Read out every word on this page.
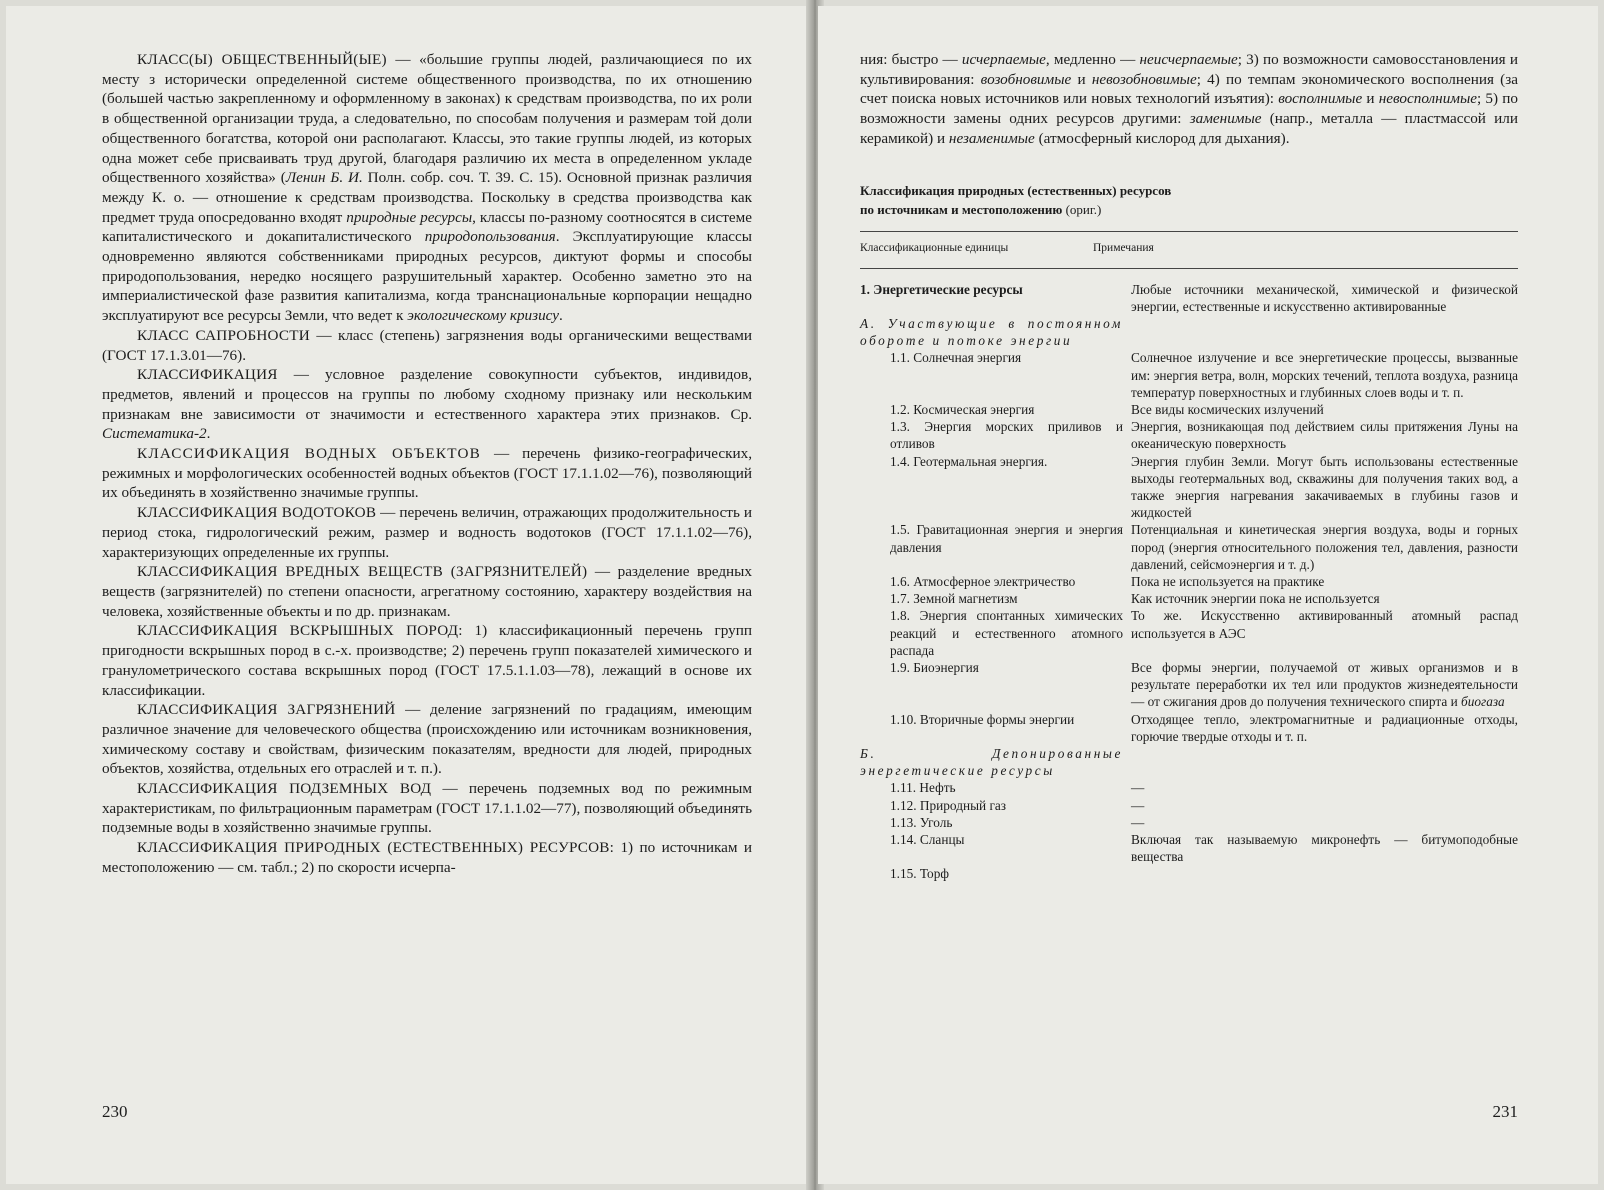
КЛАСС(Ы) ОБЩЕСТВЕННЫЙ(ЫЕ) — «большие группы людей, различающиеся по их месту з исторически определенной системе общественного производства, по их отношению (большей частью закрепленному и оформленному в законах) к средствам производства, по их роли в общественной организации труда, а следовательно, по способам получения и размерам той доли общественного богатства, которой они располагают. Классы, это такие группы людей, из которых одна может себе присваивать труд другой, благодаря различию их места в определенном укладе общественного хозяйства» (Ленин Б. И. Полн. собр. соч. Т. 39. С. 15). Основной признак различия между К. о. — отношение к средствам производства. Поскольку в средства производства как предмет труда опосредованно входят природные ресурсы, классы по-разному соотносятся в системе капиталистического и докапиталистического природопользования. Эксплуатирующие классы одновременно являются собственниками природных ресурсов, диктуют формы и способы природопользования, нередко носящего разрушительный характер. Особенно заметно это на империалистической фазе развития капитализма, когда транснациональные корпорации нещадно эксплуатируют все ресурсы Земли, что ведет к экологическому кризису.

КЛАСС САПРОБНОСТИ — класс (степень) загрязнения воды органическими веществами (ГОСТ 17.1.3.01—76).

КЛАССИФИКАЦИЯ — условное разделение совокупности субъектов, индивидов, предметов, явлений и процессов на группы по любому сходному признаку или нескольким признакам вне зависимости от значимости и естественного характера этих признаков. Ср. Систематика-2.

КЛАССИФИКАЦИЯ ВОДНЫХ ОБЪЕКТОВ — перечень физико-географических, режимных и морфологических особенностей водных объектов (ГОСТ 17.1.1.02—76), позволяющий их объединять в хозяйственно значимые группы.

КЛАССИФИКАЦИЯ ВОДОТОКОВ — перечень величин, отражающих продолжительность и период стока, гидрологический режим, размер и водность водотоков (ГОСТ 17.1.1.02—76), характеризующих определенные их группы.

КЛАССИФИКАЦИЯ ВРЕДНЫХ ВЕЩЕСТВ (ЗАГРЯЗНИТЕЛЕЙ) — разделение вредных веществ (загрязнителей) по степени опасности, агрегатному состоянию, характеру воздействия на человека, хозяйственные объекты и по др. признакам.

КЛАССИФИКАЦИЯ ВСКРЫШНЫХ ПОРОД: 1) классификационный перечень групп пригодности вскрышных пород в с.-х. производстве; 2) перечень групп показателей химического и гранулометрического состава вскрышных пород (ГОСТ 17.5.1.1.03—78), лежащий в основе их классификации.

КЛАССИФИКАЦИЯ ЗАГРЯЗНЕНИЙ — деление загрязнений по градациям, имеющим различное значение для человеческого общества (происхождению или источникам возникновения, химическому составу и свойствам, физическим показателям, вредности для людей, природных объектов, хозяйства, отдельных его отраслей и т. п.).

КЛАССИФИКАЦИЯ ПОДЗЕМНЫХ ВОД — перечень подземных вод по режимным характеристикам, по фильтрационным параметрам (ГОСТ 17.1.1.02—77), позволяющий объединять подземные воды в хозяйственно значимые группы.

КЛАССИФИКАЦИЯ ПРИРОДНЫХ (ЕСТЕСТВЕННЫХ) РЕСУРСОВ: 1) по источникам и местоположению — см. табл.; 2) по скорости исчерпа-

230

ния: быстро — исчерпаемые, медленно — неисчерпаемые; 3) по возможности самовосстановления и культивирования: возобновимые и невозобновимые; 4) по темпам экономического восполнения (за счет поиска новых источников или новых технологий изъятия): восполнимые и невосполнимые; 5) по возможности замены одних ресурсов другими: заменимые (напр., металла — пластмассой или керамикой) и незаменимые (атмосферный кислород для дыхания).

Классификация природных (естественных) ресурсов
по источникам и местоположению (ориг.)
Классификационные единицы	Примечания
1. Энергетические ресурсы	Любые источники механической, химической и физической энергии, естественные и искусственно активированные
А. Участвующие в постоянном обороте и потоке энергии	
1.1. Солнечная энергия	Солнечное излучение и все энергетические процессы, вызванные им: энергия ветра, волн, морских течений, теплота воздуха, разница температур поверхностных и глубинных слоев воды и т. п.
1.2. Космическая энергия	Все виды космических излучений
1.3. Энергия морских приливов и отливов	Энергия, возникающая под действием силы притяжения Луны на океаническую поверхность
1.4. Геотермальная энергия.	Энергия глубин Земли. Могут быть использованы естественные выходы геотермальных вод, скважины для получения таких вод, а также энергия нагревания закачиваемых в глубины газов и жидкостей
1.5. Гравитационная энергия и энергия давления	Потенциальная и кинетическая энергия воздуха, воды и горных пород (энергия относительного положения тел, давления, разности давлений, сейсмоэнергия и т. д.)
1.6. Атмосферное электричество	Пока не используется на практике
1.7. Земной магнетизм	Как источник энергии пока не используется
1.8. Энергия спонтанных химических реакций и естественного атомного распада	То же. Искусственно активированный атомный распад используется в АЭС
1.9. Биоэнергия	Все формы энергии, получаемой от живых организмов и в результате переработки их тел или продуктов жизнедеятельности — от сжигания дров до получения технического спирта и биогаза
1.10. Вторичные формы энергии	Отходящее тепло, электромагнитные и радиационные отходы, горючие твердые отходы и т. п.
Б. Депонированные энергетические ресурсы	
1.11. Нефть	—
1.12. Природный газ	—
1.13. Уголь	—
1.14. Сланцы	Включая так называемую микронефть — битумоподобные вещества
1.15. Торф	
231
